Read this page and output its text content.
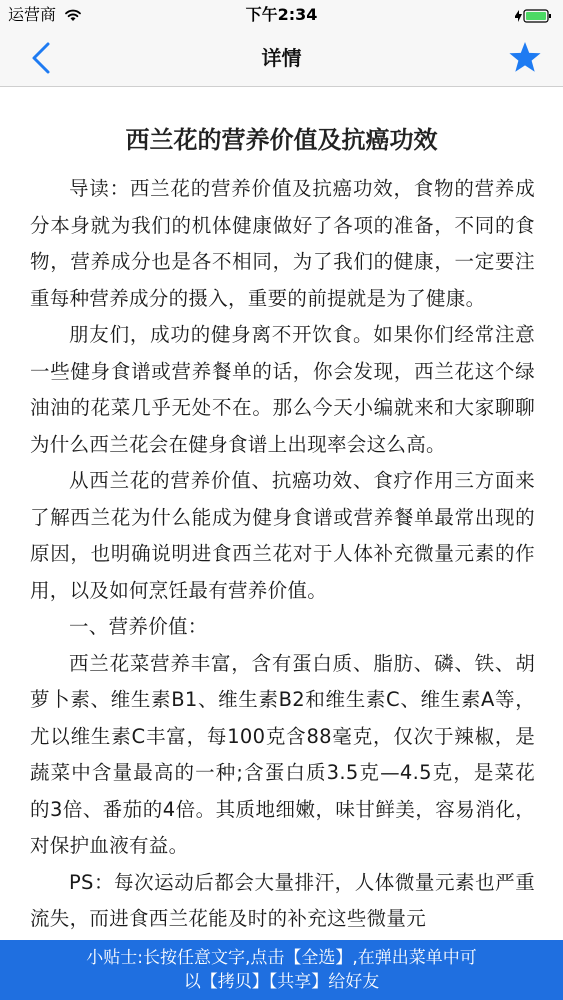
运营商	下午2:34
详情
西兰花的营养价值及抗癌功效

导读：西兰花的营养价值及抗癌功效，食物的营养成分本身就为我们的机体健康做好了各项的准备，不同的食物，营养成分也是各不相同，为了我们的健康，一定要注重每种营养成分的摄入，重要的前提就是为了健康。

朋友们，成功的健身离不开饮食。如果你们经常注意一些健身食谱或营养餐单的话，你会发现，西兰花这个绿油油的花菜几乎无处不在。那么今天小编就来和大家聊聊为什么西兰花会在健身食谱上出现率会这么高。

从西兰花的营养价值、抗癌功效、食疗作用三方面来了解西兰花为什么能成为健身食谱或营养餐单最常出现的原因，也明确说明进食西兰花对于人体补充微量元素的作用，以及如何烹饪最有营养价值。

一、营养价值：

西兰花菜营养丰富，含有蛋白质、脂肪、磷、铁、胡萝卜素、维生素B1、维生素B2和维生素C、维生素A等，尤以维生素C丰富，每100克含88毫克，仅次于辣椒，是蔬菜中含量最高的一种;含蛋白质3.5克—4.5克，是菜花的3倍、番茄的4倍。其质地细嫩，味甘鲜美，容易消化，对保护血液有益。

PS：每次运动后都会大量排汗，人体微量元素也严重流失，而进食西兰花能及时的补充这些微量元

小贴士:长按任意文字,点击【全选】,在弹出菜单中可
以【拷贝】【共享】给好友
